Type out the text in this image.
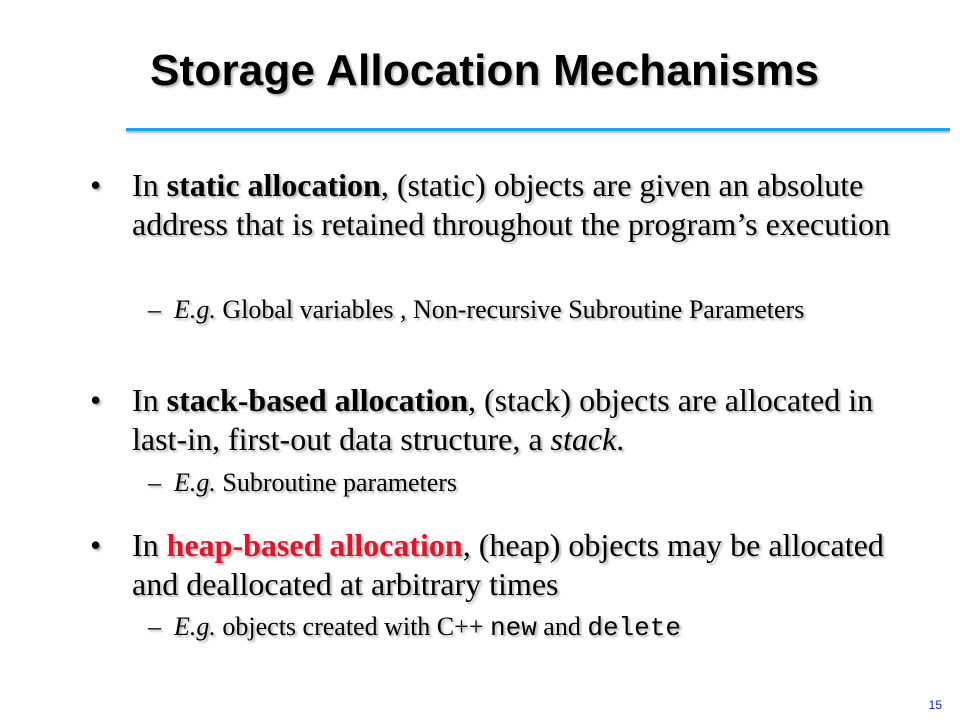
Storage Allocation Mechanisms
• In static allocation, (static) objects are given an absolute address that is retained throughout the program’s execution
– E.g. Global variables , Non-recursive Subroutine Parameters
• In stack-based allocation, (stack) objects are allocated in last-in, first-out data structure, a stack.
– E.g. Subroutine parameters
• In heap-based allocation, (heap) objects may be allocated and deallocated at arbitrary times
– E.g. objects created with C++ new and delete
15
